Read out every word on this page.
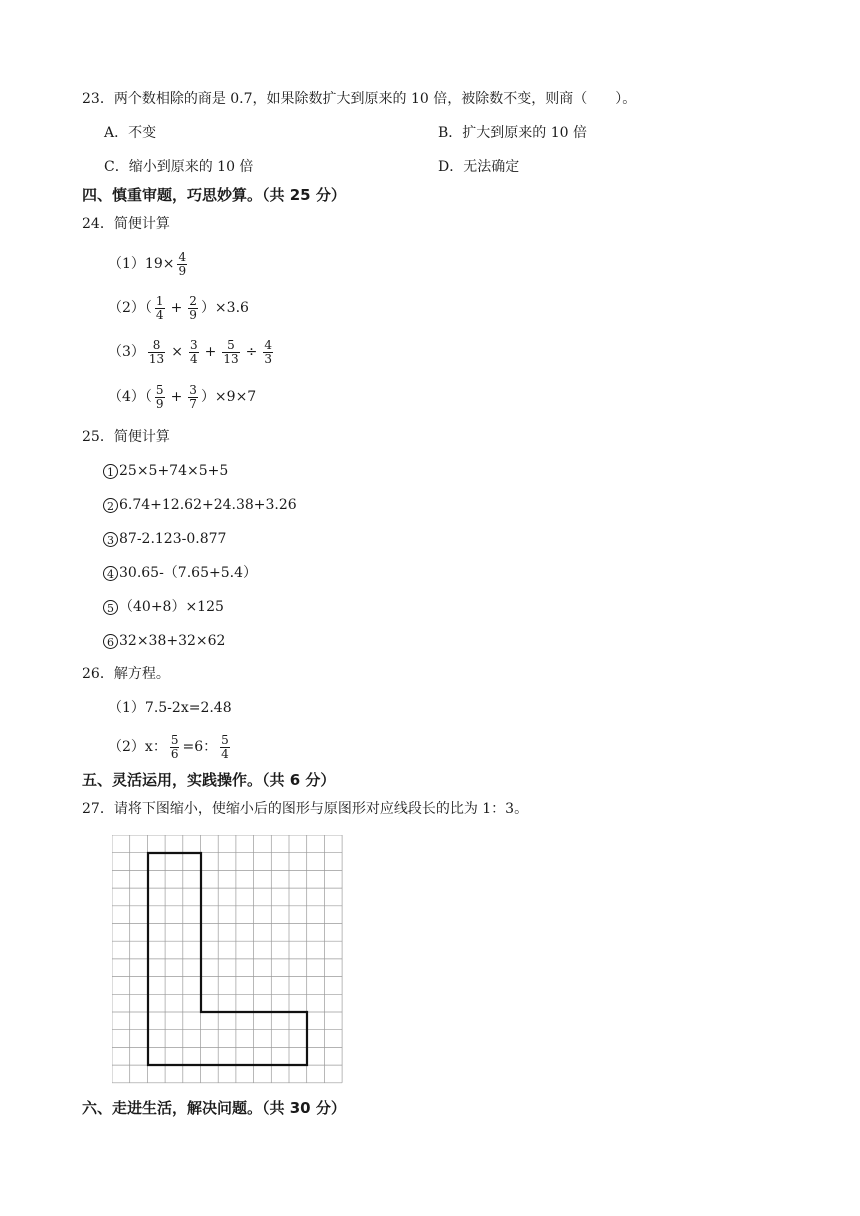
23．两个数相除的商是 0.7，如果除数扩大到原来的 10 倍，被除数不变，则商（　　）。
A．不变	B．扩大到原来的 10 倍
C．缩小到原来的 10 倍	D．无法确定
四、慎重审题，巧思妙算。（共 25 分）
24．简便计算
$(1)19\times \frac{4}{9}$
$(2)( \frac{1}{4} + \frac{2}{9} )\times 3.6$
$(3) \frac{8}{13} \times \frac{3}{4} + \frac{5}{13} \div \frac{4}{3}$
$(4)( \frac{5}{9} + \frac{3}{7} )\times 9\times 7$
25．简便计算
1 25×5+74×5+5
2 6.74+12.62+24.38+3.26
3 87-2.123-0.877
4 30.65-（7.65+5.4）
5 （40+8）×125
6 32×38+32×62
26．解方程。
（1）7.5-2x=2.48
（2）x： $\frac{5}{6} =6$： $\frac{5}{4}$
五、灵活运用，实践操作。（共 6 分）
27．请将下图缩小，使缩小后的图形与原图形对应线段长的比为 1：3。
六、走进生活，解决问题。（共 30 分）
